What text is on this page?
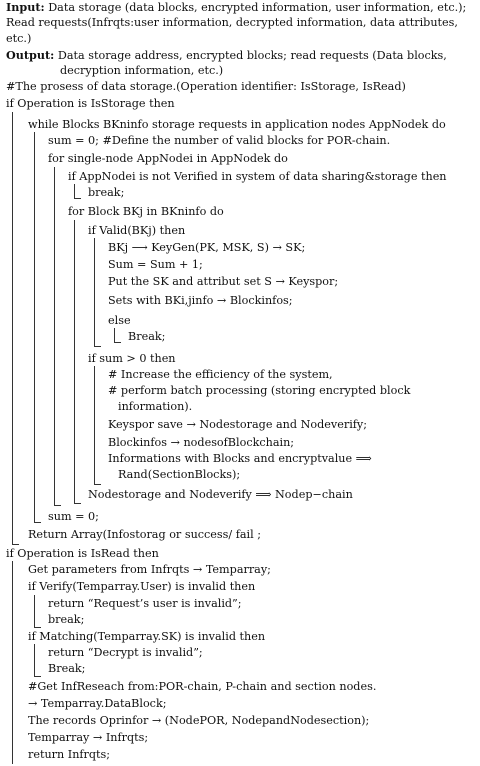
Input: Data storage (data blocks, encrypted information, user information, etc.);
Read requests(Infrqts:user information, decrypted information, data attributes,
etc.)
Output: Data storage address, encrypted blocks; read requests (Data blocks,
decryption information, etc.)
#The prosess of data storage.(Operation identifier: IsStorage, IsRead)
if Operation is IsStorage then
while Blocks BKninfo storage requests in application nodes AppNodek do
sum = 0; #Define the number of valid blocks for POR-chain.
for single-node AppNodei in AppNodek do
if AppNodei is not Verified in system of data sharing&storage then
break;
for Block BKj in BKninfo do
if Valid(BKj) then
BKj ⟶ KeyGen(PK, MSK, S) → SK;
Sum = Sum + 1;
Put the SK and attribut set S → Keyspor;
Sets with BKi,jinfo → Blockinfos;
else
Break;
if sum > 0 then
# Increase the efficiency of the system,
# perform batch processing (storing encrypted block
information).
Keyspor save → Nodestorage and Nodeverify;
Blockinfos → nodesofBlockchain;
Informations with Blocks and encryptvalue ⟹
Rand(SectionBlocks);
Nodestorage and Nodeverify ⟹ Nodep−chain
sum = 0;
Return Array(Infostorag or success/ fail ;
if Operation is IsRead then
Get parameters from Infrqts → Temparray;
if Verify(Temparray.User) is invalid then
return “Request’s user is invalid”;
break;
if Matching(Temparray.SK) is invalid then
return “Decrypt is invalid”;
Break;
#Get InfReseach from:POR-chain, P-chain and section nodes.
→ Temparray.DataBlock;
The records Oprinfor → (NodePOR, NodepandNodesection);
Temparray → Infrqts;
return Infrqts;
